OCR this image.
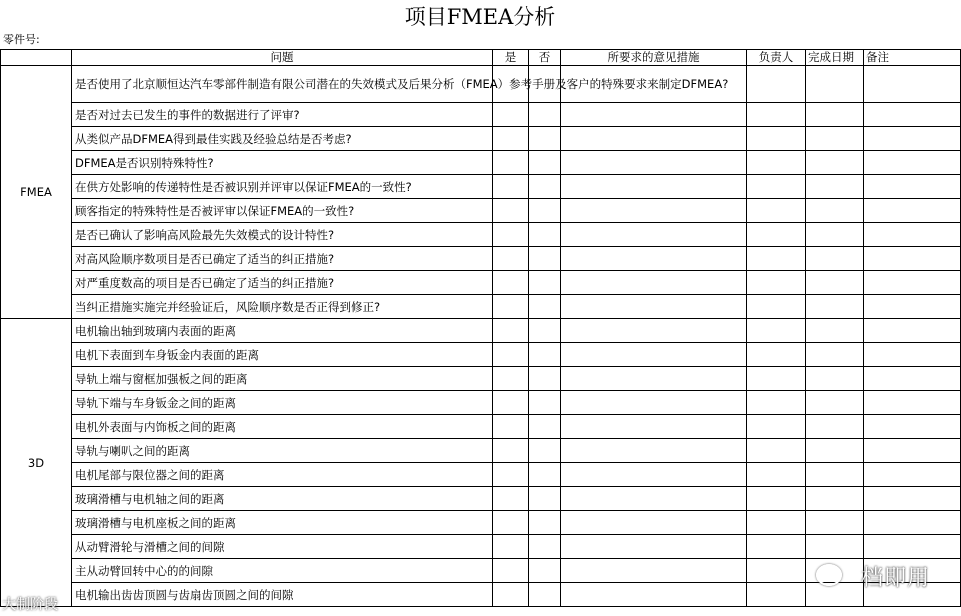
项目FMEA分析
零件号:
	问题	是	否	所要求的意见措施	负责人	完成日期	备注
FMEA	是否使用了北京顺恒达汽车零部件制造有限公司潜在的失效模式及后果分析（FMEA）参考手册及客户的特殊要求来制定DFMEA?						
	是否对过去已发生的事件的数据进行了评审?						
	从类似产品DFMEA得到最佳实践及经验总结是否考虑?						
	DFMEA是否识别特殊特性?						
	在供方处影响的传递特性是否被识别并评审以保证FMEA的一致性?						
	顾客指定的特殊特性是否被评审以保证FMEA的一致性?						
	是否已确认了影响高风险最先失效模式的设计特性?						
	对高风险顺序数项目是否已确定了适当的纠正措施?						
	对严重度数高的项目是否已确定了适当的纠正措施?						
	当纠正措施实施完并经验证后，风险顺序数是否正得到修正?						
3D	电机输出轴到玻璃内表面的距离						
	电机下表面到车身钣金内表面的距离						
	导轨上端与窗框加强板之间的距离						
	导轨下端与车身钣金之间的距离						
	电机外表面与内饰板之间的距离						
	导轨与喇叭之间的距离						
	电机尾部与限位器之间的距离						
	玻璃滑槽与电机轴之间的距离						
	玻璃滑槽与电机座板之间的距离						
	从动臂滑轮与滑槽之间的间隙						
	主从动臂回转中心的的间隙						
	电机输出齿齿顶圆与齿扇齿顶圆之间的间隙						
大制阶段
档即用
